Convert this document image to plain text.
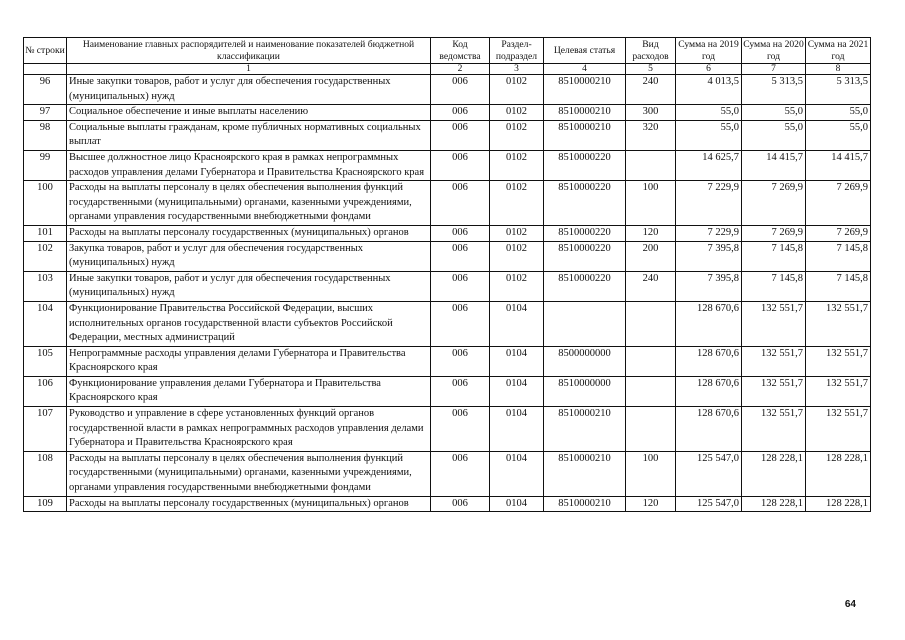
№ строки	Наименование главных распорядителей и наименование показателей бюджетной классификации	Код ведомства	Раздел-подраздел	Целевая статья	Вид расходов	Сумма на 2019 год	Сумма на 2020 год	Сумма на 2021 год
	1	2	3	4	5	6	7	8
96	Иные закупки товаров, работ и услуг для обеспечения государственных (муниципальных) нужд	006	0102	8510000210	240	4 013,5	5 313,5	5 313,5
97	Социальное обеспечение и иные выплаты населению	006	0102	8510000210	300	55,0	55,0	55,0
98	Социальные выплаты гражданам, кроме публичных нормативных социальных выплат	006	0102	8510000210	320	55,0	55,0	55,0
99	Высшее должностное лицо Красноярского края в рамках непрограммных расходов управления делами Губернатора и Правительства Красноярского края	006	0102	8510000220		14 625,7	14 415,7	14 415,7
100	Расходы на выплаты персоналу в целях обеспечения выполнения функций государственными (муниципальными) органами, казенными учреждениями, органами управления государственными внебюджетными фондами	006	0102	8510000220	100	7 229,9	7 269,9	7 269,9
101	Расходы на выплаты персоналу государственных (муниципальных) органов	006	0102	8510000220	120	7 229,9	7 269,9	7 269,9
102	Закупка товаров, работ и услуг для обеспечения государственных (муниципальных) нужд	006	0102	8510000220	200	7 395,8	7 145,8	7 145,8
103	Иные закупки товаров, работ и услуг для обеспечения государственных (муниципальных) нужд	006	0102	8510000220	240	7 395,8	7 145,8	7 145,8
104	Функционирование Правительства Российской Федерации, высших исполнительных органов государственной власти субъектов Российской Федерации, местных администраций	006	0104			128 670,6	132 551,7	132 551,7
105	Непрограммные расходы управления делами Губернатора и Правительства Красноярского края	006	0104	8500000000		128 670,6	132 551,7	132 551,7
106	Функционирование управления делами Губернатора и Правительства Красноярского края	006	0104	8510000000		128 670,6	132 551,7	132 551,7
107	Руководство и управление в сфере установленных функций органов государственной власти в рамках непрограммных расходов управления делами Губернатора и Правительства Красноярского края	006	0104	8510000210		128 670,6	132 551,7	132 551,7
108	Расходы на выплаты персоналу в целях обеспечения выполнения функций государственными (муниципальными) органами, казенными учреждениями, органами управления государственными внебюджетными фондами	006	0104	8510000210	100	125 547,0	128 228,1	128 228,1
109	Расходы на выплаты персоналу государственных (муниципальных) органов	006	0104	8510000210	120	125 547,0	128 228,1	128 228,1
64
